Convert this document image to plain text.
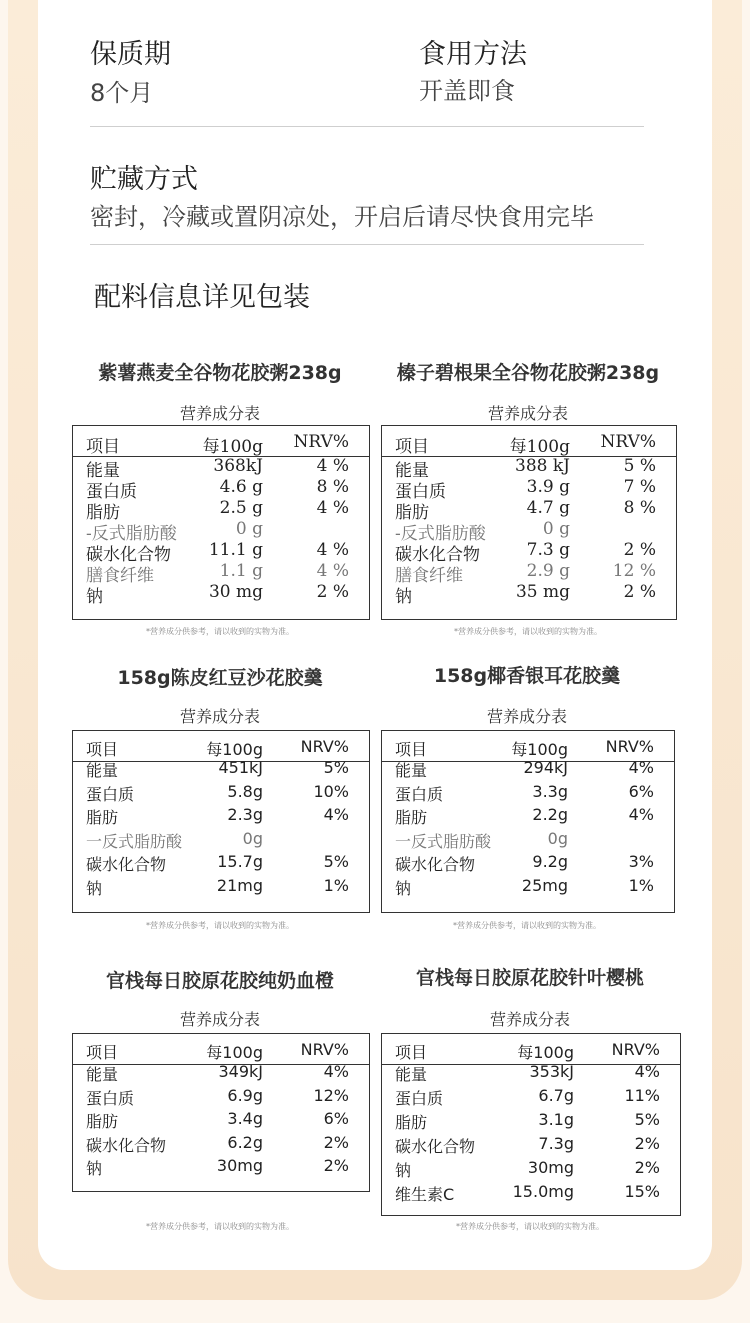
保质期
8个月
食用方法
开盖即食
贮藏方式
密封，冷藏或置阴凉处，开启后请尽快食用完毕
配料信息详见包装
紫薯燕麦全谷物花胶粥238g
营养成分表
项目	每100g NRV%
能量	368kJ	4 %
蛋白质	4.6 g	8 %
脂肪	2.5 g	4 %
-反式脂肪酸	0 g
碳水化合物 11.1 g	4 %
膳食纤维	1.1 g	4 %
钠	30 mg	2 %
*营养成分供参考，请以收到的实物为准。
榛子碧根果全谷物花胶粥238g
营养成分表
项目	每100g NRV%
能量	388 kJ	5 %
蛋白质	3.9 g	7 %
脂肪	4.7 g	8 %
-反式脂肪酸	0 g
碳水化合物	7.3 g	2 %
膳食纤维	2.9 g	12 %
钠	35 mg	2 %
*营养成分供参考，请以收到的实物为准。
158g陈皮红豆沙花胶羹
营养成分表
项目	每100g NRV%
能量	451kJ	5%
蛋白质	5.8g	10%
脂肪	2.3g	4%
一反式脂肪酸	0g
碳水化合物	15.7g	5%
钠	21mg	1%
*营养成分供参考，请以收到的实物为准。
158g椰香银耳花胶羹
营养成分表
项目	每100g NRV%
能量	294kJ	4%
蛋白质	3.3g	6%
脂肪	2.2g	4%
一反式脂肪酸	0g
碳水化合物	9.2g	3%
钠	25mg	1%
*营养成分供参考，请以收到的实物为准。
官栈每日胶原花胶纯奶血橙
营养成分表
项目	每100g NRV%
能量	349kJ	4%
蛋白质	6.9g	12%
脂肪	3.4g	6%
碳水化合物	6.2g	2%
钠	30mg	2%
*营养成分供参考，请以收到的实物为准。
官栈每日胶原花胶针叶樱桃
营养成分表
项目	每100g NRV%
能量	353kJ	4%
蛋白质	6.7g	11%
脂肪	3.1g	5%
碳水化合物	7.3g	2%
钠	30mg	2%
维生素C	15.0mg	15%
*营养成分供参考，请以收到的实物为准。
